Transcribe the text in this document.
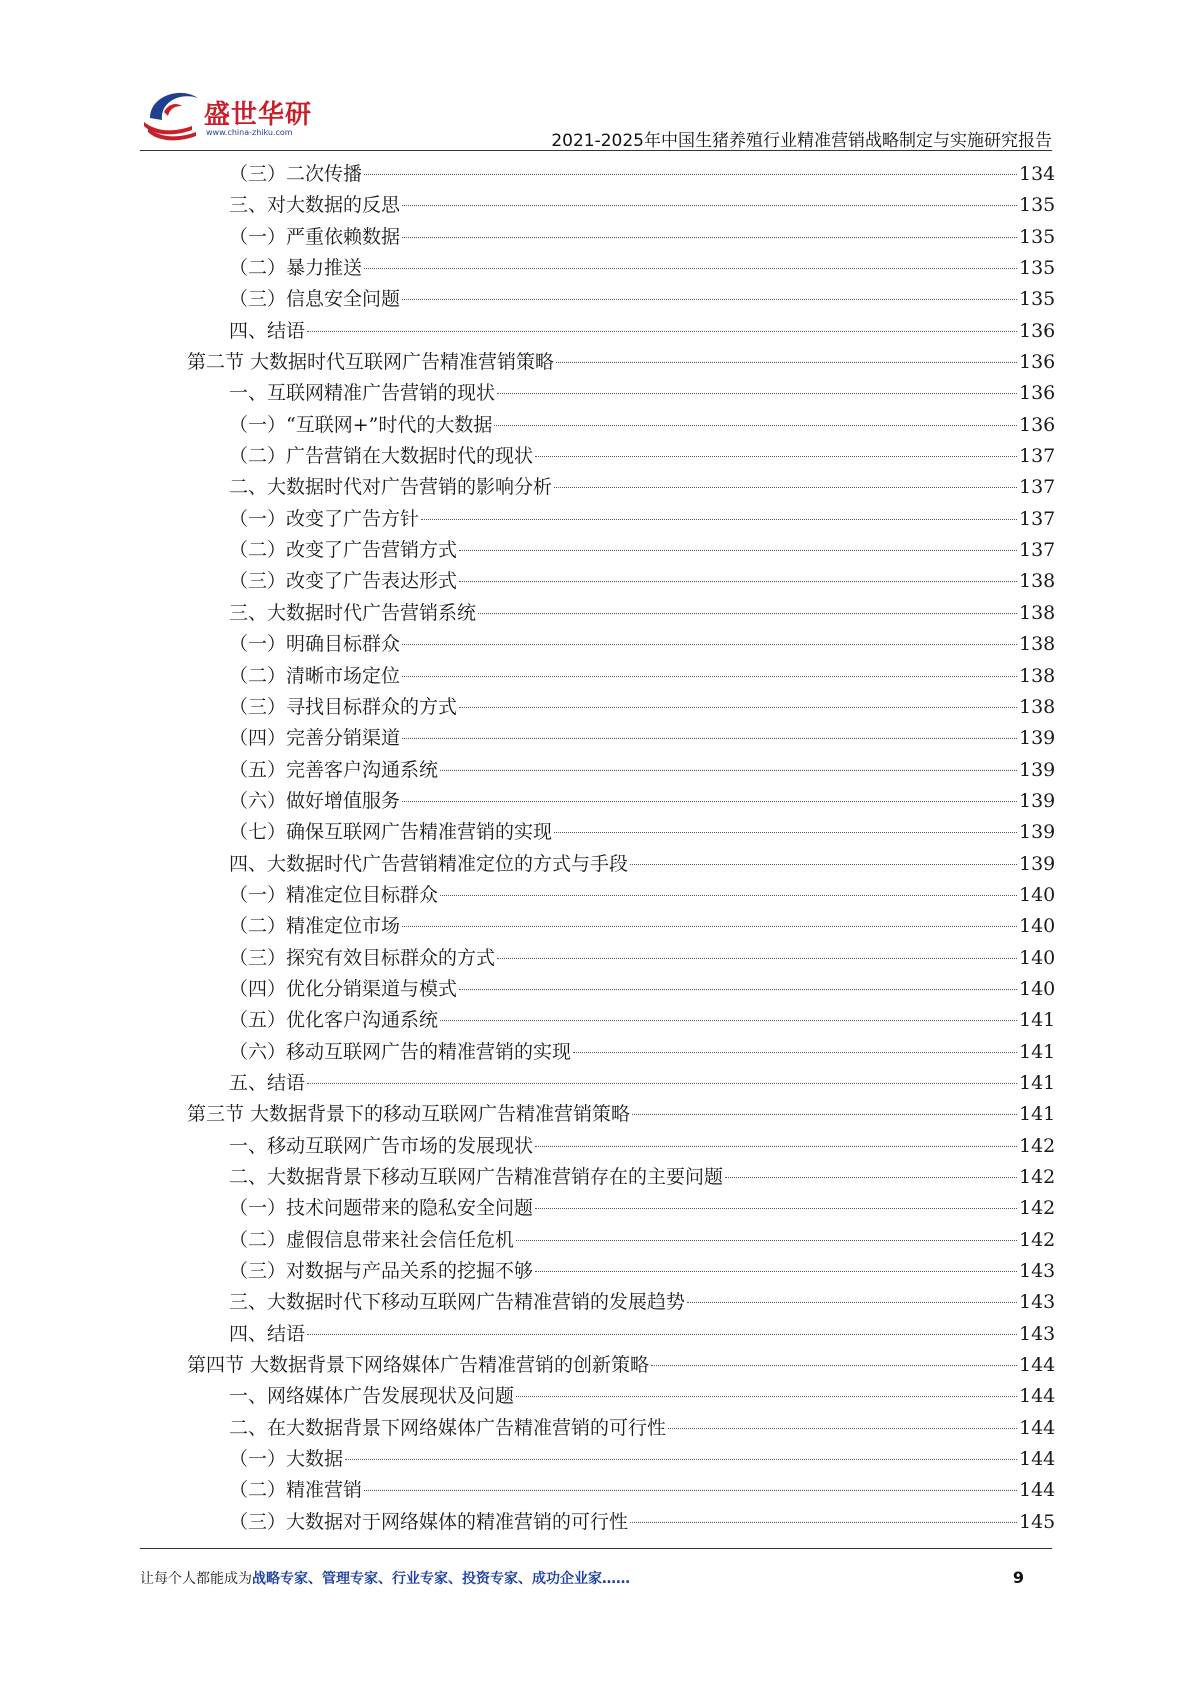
盛世华研
www.china-zhiku.com	2021-2025年中国生猪养殖行业精准营销战略制定与实施研究报告
（三）二次传播	134
三、对大数据的反思	135
（一）严重依赖数据	135
（二）暴力推送	135
（三）信息安全问题	135
四、结语	136
第二节 大数据时代互联网广告精准营销策略	136
一、互联网精准广告营销的现状	136
（一）“互联网+”时代的大数据	136
（二）广告营销在大数据时代的现状	137
二、大数据时代对广告营销的影响分析	137
（一）改变了广告方针	137
（二）改变了广告营销方式	137
（三）改变了广告表达形式	138
三、大数据时代广告营销系统	138
（一）明确目标群众	138
（二）清晰市场定位	138
（三）寻找目标群众的方式	138
（四）完善分销渠道	139
（五）完善客户沟通系统	139
（六）做好增值服务	139
（七）确保互联网广告精准营销的实现	139
四、大数据时代广告营销精准定位的方式与手段	139
（一）精准定位目标群众	140
（二）精准定位市场	140
（三）探究有效目标群众的方式	140
（四）优化分销渠道与模式	140
（五）优化客户沟通系统	141
（六）移动互联网广告的精准营销的实现	141
五、结语	141
第三节 大数据背景下的移动互联网广告精准营销策略	141
一、移动互联网广告市场的发展现状	142
二、大数据背景下移动互联网广告精准营销存在的主要问题	142
（一）技术问题带来的隐私安全问题	142
（二）虚假信息带来社会信任危机	142
（三）对数据与产品关系的挖掘不够	143
三、大数据时代下移动互联网广告精准营销的发展趋势	143
四、结语	143
第四节 大数据背景下网络媒体广告精准营销的创新策略	144
一、网络媒体广告发展现状及问题	144
二、在大数据背景下网络媒体广告精准营销的可行性	144
（一）大数据	144
（二）精准营销	144
（三）大数据对于网络媒体的精准营销的可行性	145
让每个人都能成为战略专家、管理专家、行业专家、投资专家、成功企业家……	9
